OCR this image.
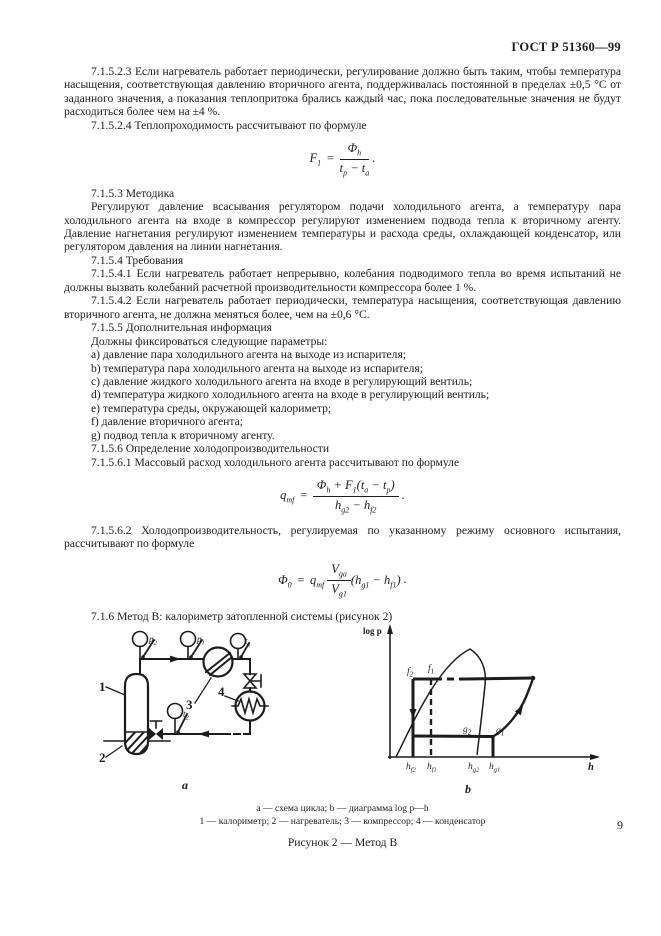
ГОСТ Р 51360—99

7.1.5.2.3 Если нагреватель работает периодически, регулирование должно быть таким, чтобы температура насыщения, соответствующая давлению вторичного агента, поддерживалась постоянной в пределах ±0,5 °С от заданного значения, а показания теплопритока брались каждый час, пока последовательные значения не будут расходиться более чем на ±4 %.

7.1.5.2.4 Теплопроходимость рассчитывают по формуле

$F_1 = \frac{\Phi_h}{t_p - t_a}$ .

7.1.5.3 Методика

Регулируют давление всасывания регулятором подачи холодильного агента, а температуру пара холодильного агента на входе в компрессор регулируют изменением подвода тепла к вторичному агенту. Давление нагнетания регулируют изменением температуры и расхода среды, охлаждающей конденсатор, или регулятором давления на линии нагнетания.

7.1.5.4 Требования

7.1.5.4.1 Если нагреватель работает непрерывно, колебания подводимого тепла во время испытаний не должны вызвать колебаний расчетной производительности компрессора более 1 %.

7.1.5.4.2 Если нагреватель работает периодически, температура насыщения, соответствующая давлению вторичного агента, не должна меняться более, чем на ±0,6 °С.

7.1.5.5 Дополнительная информация

Должны фиксироваться следующие параметры:

a) давление пара холодильного агента на выходе из испарителя;

b) температура пара холодильного агента на выходе из испарителя;

c) давление жидкого холодильного агента на входе в регулирующий вентиль;

d) температура жидкого холодильного агента на входе в регулирующий вентиль;

e) температура среды, окружающей калориметр;

f) давление вторичного агента;

g) подвод тепла к вторичному агенту.

7.1.5.6 Определение холодопроизводительности

7.1.5.6.1 Массовый расход холодильного агента рассчитывают по формуле

$q_{mf} = \frac{\Phi_h + F_1(t_a - t_p)}{h_{g2} - h_{f2}}$ .

7.1.5.6.2 Холодопроизводительность, регулируемая по указанному режиму основного испытания, рассчитывают по формуле

$\Phi_0 = q_{mf} \frac{V_{ga}}{V_{g1}} (h_{g1} - h_{f1})$ .

7.1.6 Метод В: калориметр затопленной системы (рисунок 2)

1
2
3
4
$p_2$	$p_1$	$t_1$
$t_2$
а
log p
h
$f_2$
$f_1$
$g_2$	$g_1$
$h_{f2}$ $h_{f1}$	$h_{g2}$ $h_{g1}$
b

а — схема цикла; b — диаграмма log p—h

1 — калориметр; 2 — нагреватель; 3 — компрессор; 4 — конденсатор

Рисунок 2 — Метод В

9
